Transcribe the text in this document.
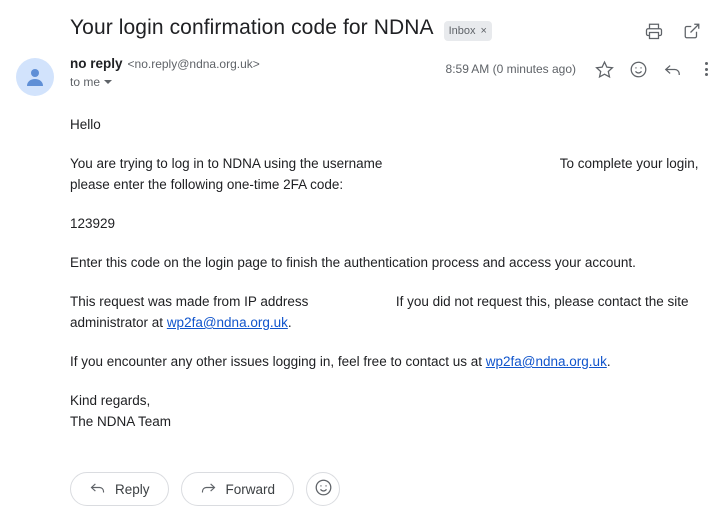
Your login confirmation code for NDNA Inbox ×
no reply <no.reply@ndna.org.uk>
to me
8:59 AM (0 minutes ago)

Hello

You are trying to log in to NDNA using the username	To complete your login, please enter the following one-time 2FA code:

123929

Enter this code on the login page to finish the authentication process and access your account.

This request was made from IP address	If you did not request this, please contact the site administrator at wp2fa@ndna.org.uk.

If you encounter any other issues logging in, feel free to contact us at wp2fa@ndna.org.uk.

Kind regards,

The NDNA Team

Reply	Forward
